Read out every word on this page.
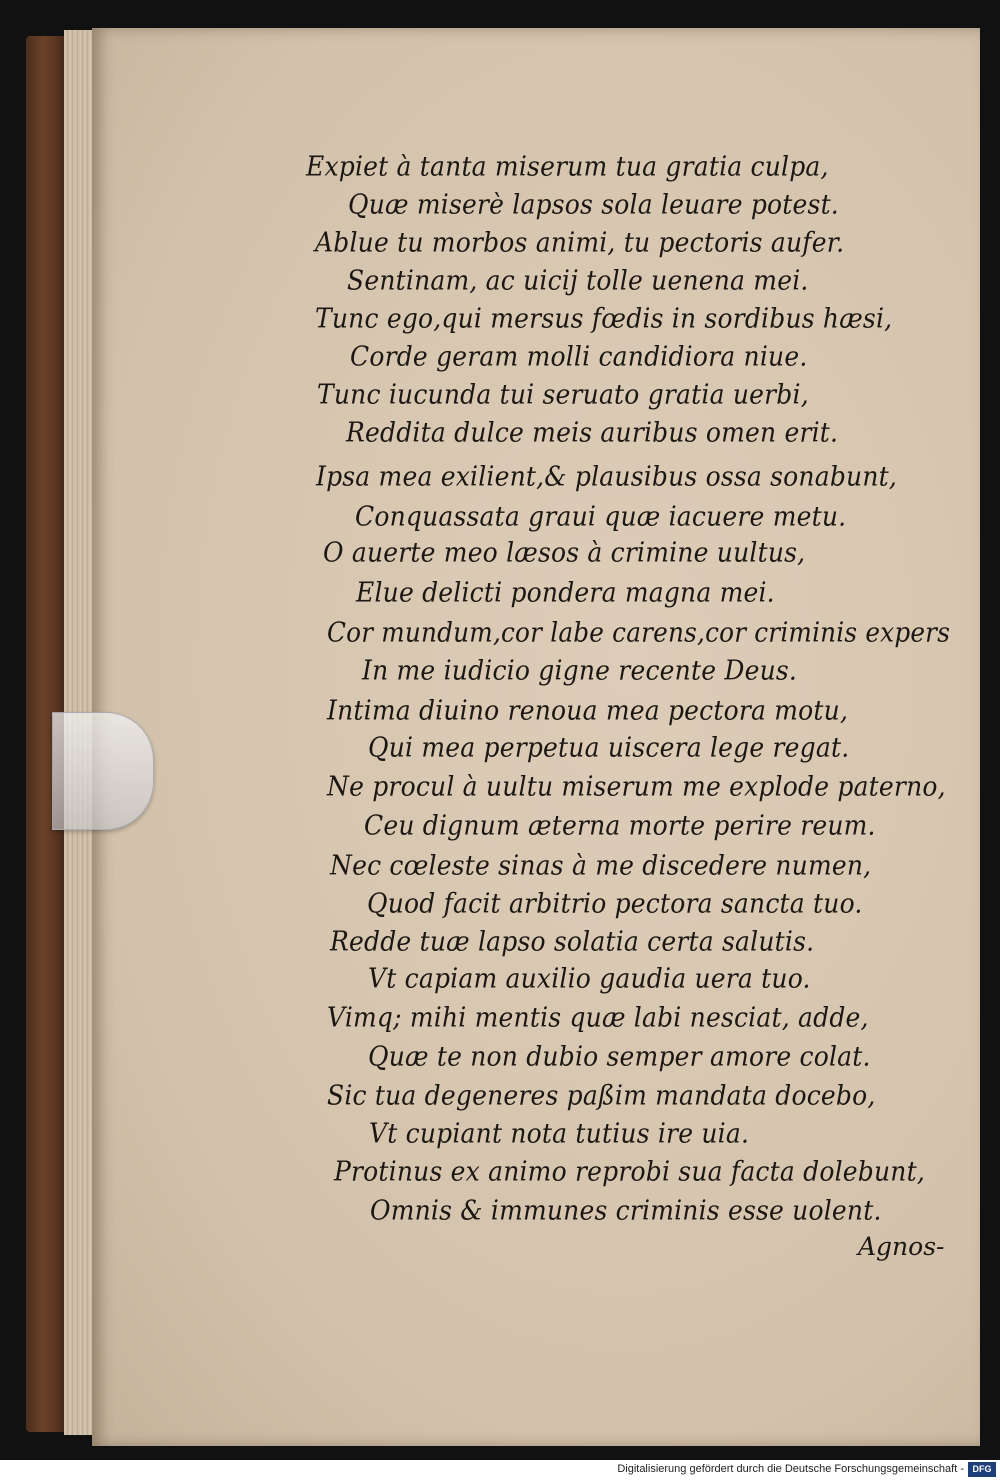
Expiet à tanta miserum tua gratia culpa,
Quæ miserè lapsos sola leuare potest.
Ablue tu morbos animi, tu pectoris aufer.
Sentinam, ac uicij tolle uenena mei.
Tunc ego,qui mersus fœdis in sordibus hæsi,
Corde geram molli candidiora niue.
Tunc iucunda tui seruato gratia uerbi,
Reddita dulce meis auribus omen erit.
Ipsa mea exilient,& plausibus ossa sonabunt,
Conquassata graui quæ iacuere metu.
O auerte meo læsos à crimine uultus,
Elue delicti pondera magna mei.
Cor mundum,cor labe carens,cor criminis expers
In me iudicio gigne recente Deus.
Intima diuino renoua mea pectora motu,
Qui mea perpetua uiscera lege regat.
Ne procul à uultu miserum me explode paterno,
Ceu dignum æterna morte perire reum.
Nec cœleste sinas à me discedere numen,
Quod facit arbitrio pectora sancta tuo.
Redde tuæ lapso solatia certa salutis.
Vt capiam auxilio gaudia uera tuo.
Vimq; mihi mentis quæ labi nesciat, adde,
Quæ te non dubio semper amore colat.
Sic tua degeneres paßim mandata docebo,
Vt cupiant nota tutius ire uia.
Protinus ex animo reprobi sua facta dolebunt,
Omnis & immunes criminis esse uolent.
Agnos-
Digitalisierung gefördert durch die Deutsche Forschungsgemeinschaft - DFG
